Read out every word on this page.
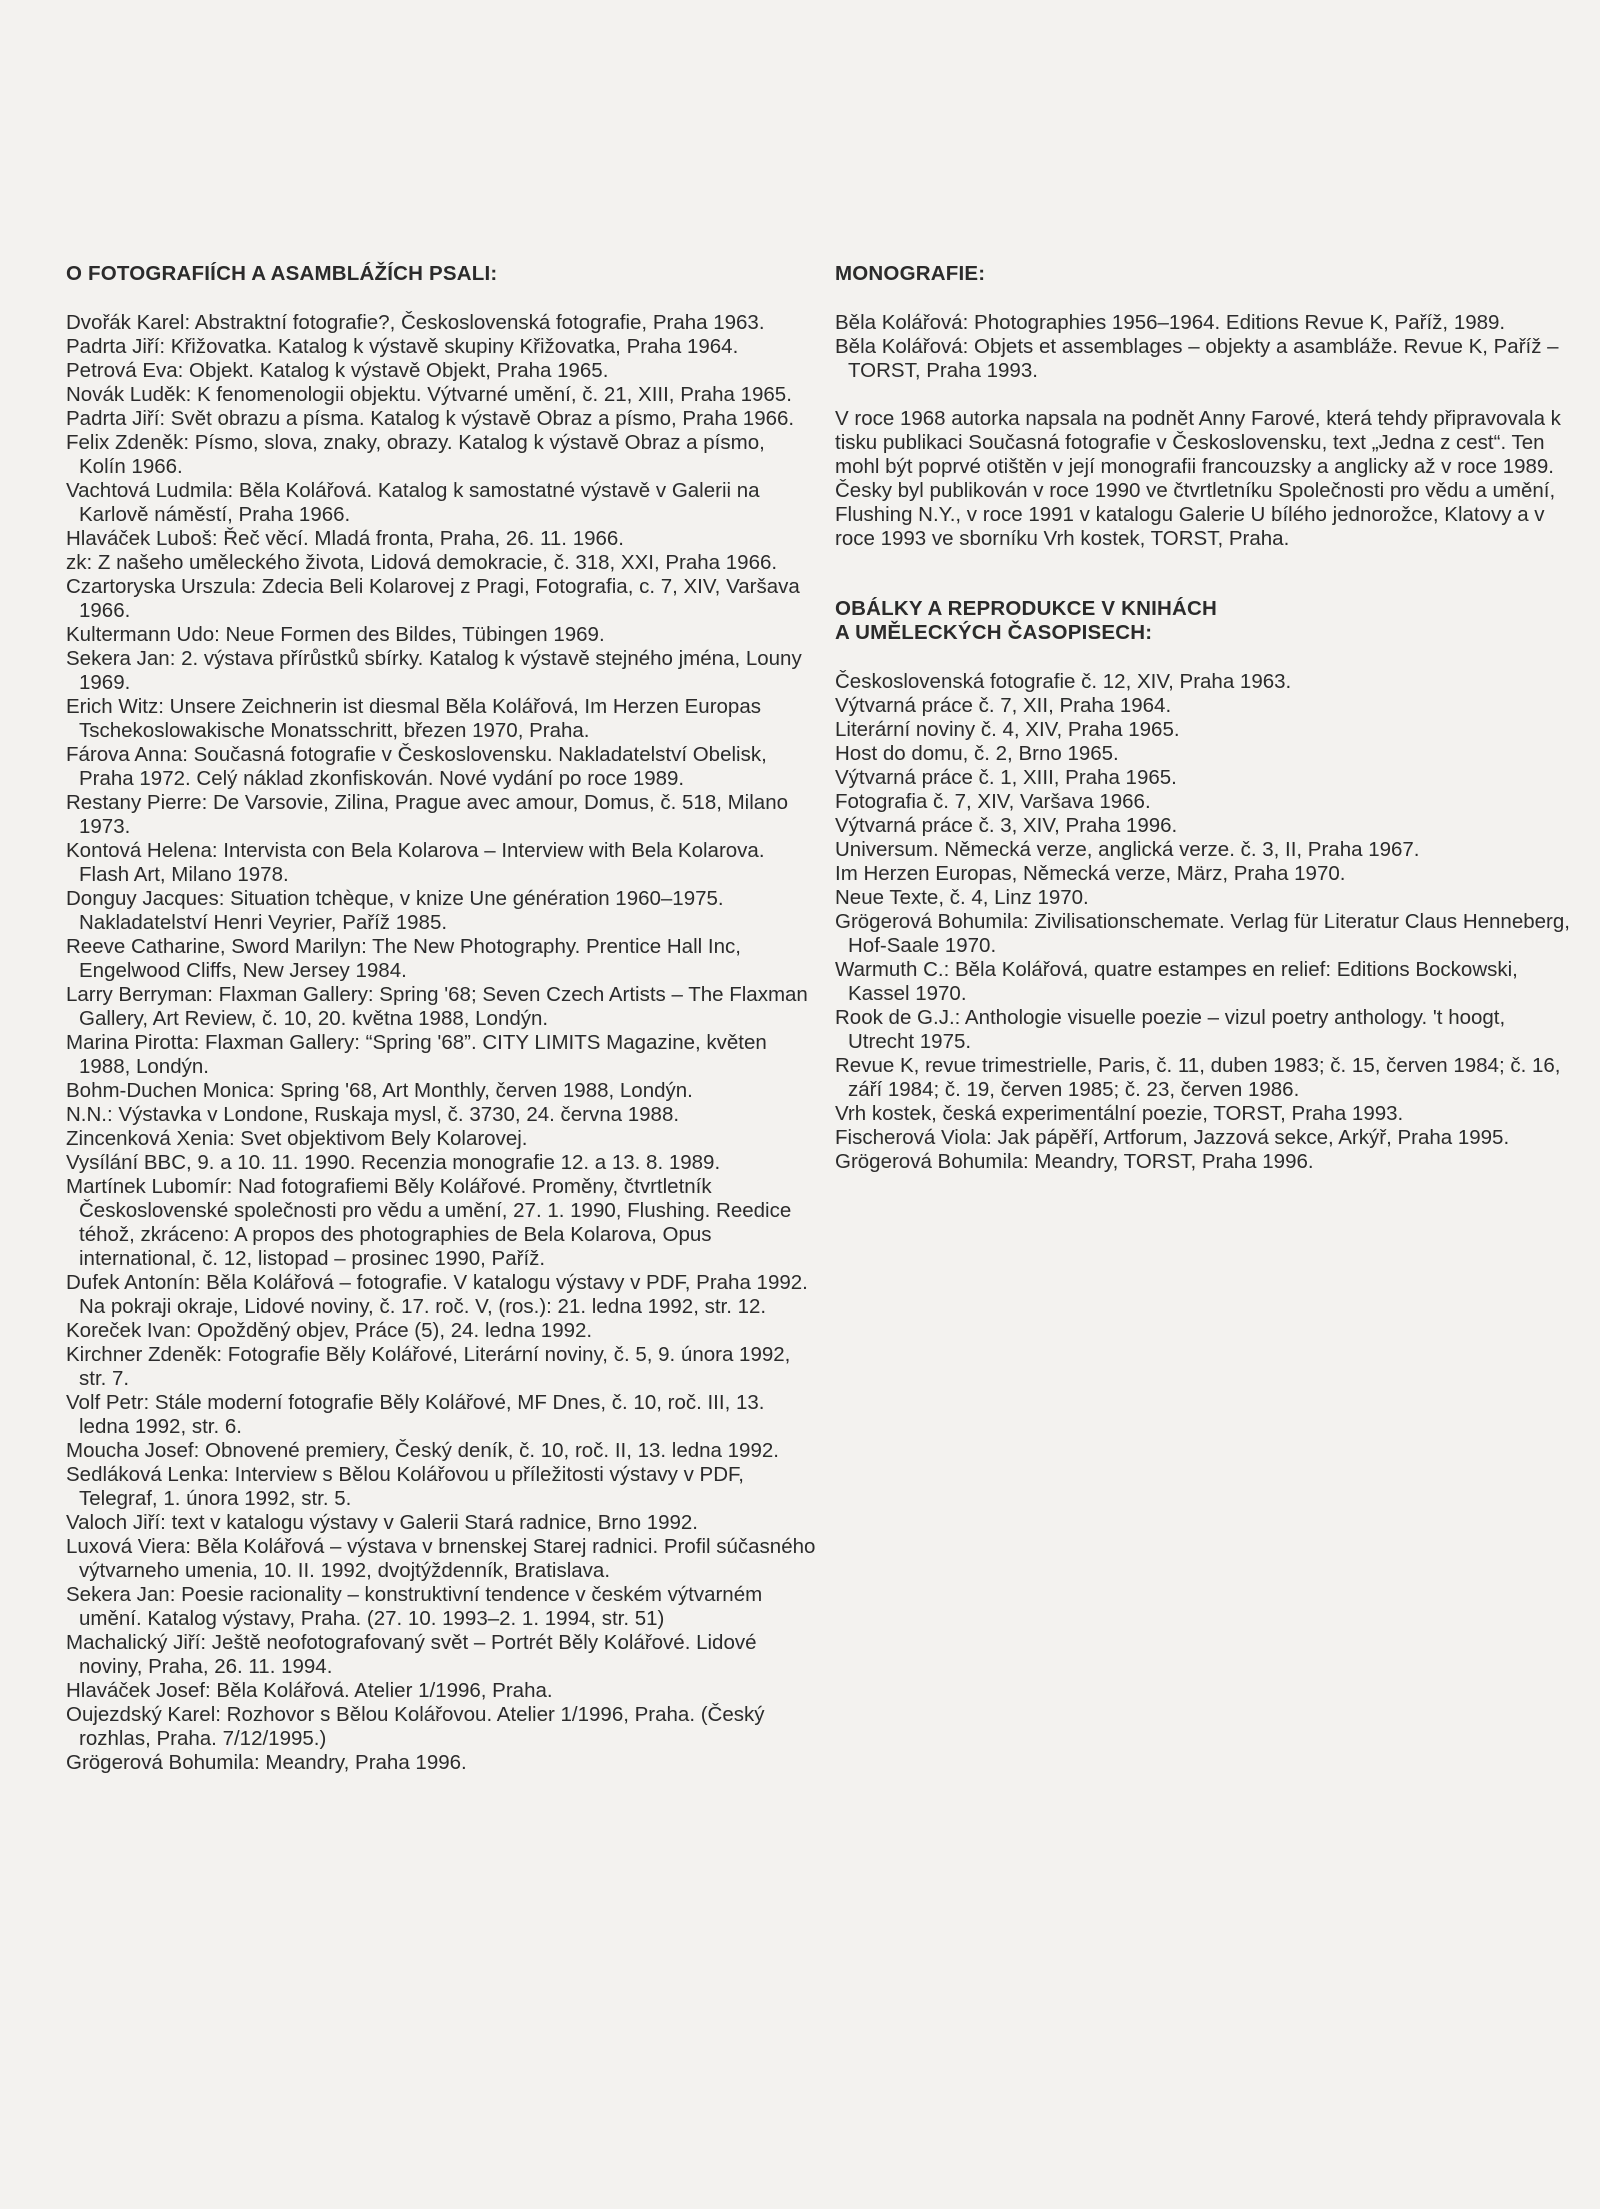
O FOTOGRAFIÍCH A ASAMBLÁŽÍCH PSALI:
Dvořák Karel: Abstraktní fotografie?, Československá fotografie, Praha 1963.
Padrta Jiří: Křižovatka. Katalog k výstavě skupiny Křižovatka, Praha 1964.
Petrová Eva: Objekt. Katalog k výstavě Objekt, Praha 1965.
Novák Luděk: K fenomenologii objektu. Výtvarné umění, č. 21, XIII, Praha 1965.
Padrta Jiří: Svět obrazu a písma. Katalog k výstavě Obraz a písmo, Praha 1966.
Felix Zdeněk: Písmo, slova, znaky, obrazy. Katalog k výstavě Obraz a písmo, Kolín 1966.
Vachtová Ludmila: Běla Kolářová. Katalog k samostatné výstavě v Galerii na Karlově náměstí, Praha 1966.
Hlaváček Luboš: Řeč věcí. Mladá fronta, Praha, 26. 11. 1966.
zk: Z našeho uměleckého života, Lidová demokracie, č. 318, XXI, Praha 1966.
Czartoryska Urszula: Zdecia Beli Kolarovej z Pragi, Fotografia, c. 7, XIV, Varšava 1966.
Kultermann Udo: Neue Formen des Bildes, Tübingen 1969.
Sekera Jan: 2. výstava přírůstků sbírky. Katalog k výstavě stejného jména, Louny 1969.
Erich Witz: Unsere Zeichnerin ist diesmal Běla Kolářová, Im Herzen Europas Tschekoslowakische Monatsschritt, březen 1970, Praha.
Fárova Anna: Současná fotografie v Československu. Nakladatelství Obelisk, Praha 1972. Celý náklad zkonfiskován. Nové vydání po roce 1989.
Restany Pierre: De Varsovie, Zilina, Prague avec amour, Domus, č. 518, Milano 1973.
Kontová Helena: Intervista con Bela Kolarova – Interview with Bela Kolarova. Flash Art, Milano 1978.
Donguy Jacques: Situation tchèque, v knize Une génération 1960–1975. Nakladatelství Henri Veyrier, Paříž 1985.
Reeve Catharine, Sword Marilyn: The New Photography. Prentice Hall Inc, Engelwood Cliffs, New Jersey 1984.
Larry Berryman: Flaxman Gallery: Spring '68; Seven Czech Artists – The Flaxman Gallery, Art Review, č. 10, 20. května 1988, Londýn.
Marina Pirotta: Flaxman Gallery: “Spring '68”. CITY LIMITS Magazine, květen 1988, Londýn.
Bohm-Duchen Monica: Spring '68, Art Monthly, červen 1988, Londýn.
N.N.: Výstavka v Londone, Ruskaja mysl, č. 3730, 24. června 1988.
Zincenková Xenia: Svet objektivom Bely Kolarovej.
Vysílání BBC, 9. a 10. 11. 1990. Recenzia monografie 12. a 13. 8. 1989.
Martínek Lubomír: Nad fotografiemi Běly Kolářové. Proměny, čtvrtletník Československé společnosti pro vědu a umění, 27. 1. 1990, Flushing. Reedice téhož, zkráceno: A propos des photographies de Bela Kolarova, Opus international, č. 12, listopad – prosinec 1990, Paříž.
Dufek Antonín: Běla Kolářová – fotografie. V katalogu výstavy v PDF, Praha 1992. Na pokraji okraje, Lidové noviny, č. 17. roč. V, (ros.): 21. ledna 1992, str. 12.
Koreček Ivan: Opožděný objev, Práce (5), 24. ledna 1992.
Kirchner Zdeněk: Fotografie Běly Kolářové, Literární noviny, č. 5, 9. února 1992, str. 7.
Volf Petr: Stále moderní fotografie Běly Kolářové, MF Dnes, č. 10, roč. III, 13. ledna 1992, str. 6.
Moucha Josef: Obnovené premiery, Český deník, č. 10, roč. II, 13. ledna 1992.
Sedláková Lenka: Interview s Bělou Kolářovou u příležitosti výstavy v PDF, Telegraf, 1. února 1992, str. 5.
Valoch Jiří: text v katalogu výstavy v Galerii Stará radnice, Brno 1992.
Luxová Viera: Běla Kolářová – výstava v brnenskej Starej radnici. Profil súčasného výtvarneho umenia, 10. II. 1992, dvojtýždenník, Bratislava.
Sekera Jan: Poesie racionality – konstruktivní tendence v českém výtvarném umění. Katalog výstavy, Praha. (27. 10. 1993–2. 1. 1994, str. 51)
Machalický Jiří: Ještě neofotografovaný svět – Portrét Běly Kolářové. Lidové noviny, Praha, 26. 11. 1994.
Hlaváček Josef: Běla Kolářová. Atelier 1/1996, Praha.
Oujezdský Karel: Rozhovor s Bělou Kolářovou. Atelier 1/1996, Praha. (Český rozhlas, Praha. 7/12/1995.)
Grögerová Bohumila: Meandry, Praha 1996.
MONOGRAFIE:
Běla Kolářová: Photographies 1956–1964. Editions Revue K, Paříž, 1989.
Běla Kolářová: Objets et assemblages – objekty a asambláže. Revue K, Paříž – TORST, Praha 1993.

V roce 1968 autorka napsala na podnět Anny Farové, která tehdy připravovala k tisku publikaci Současná fotografie v Československu, text „Jedna z cest“. Ten mohl být poprvé otištěn v její monografii francouzsky a anglicky až v roce 1989. Česky byl publikován v roce 1990 ve čtvrtletníku Společnosti pro vědu a umění, Flushing N.Y., v roce 1991 v katalogu Galerie U bílého jednorožce, Klatovy a v roce 1993 ve sborníku Vrh kostek, TORST, Praha.

OBÁLKY A REPRODUKCE V KNIHÁCH
A UMĚLECKÝCH ČASOPISECH:
Československá fotografie č. 12, XIV, Praha 1963.
Výtvarná práce č. 7, XII, Praha 1964.
Literární noviny č. 4, XIV, Praha 1965.
Host do domu, č. 2, Brno 1965.
Výtvarná práce č. 1, XIII, Praha 1965.
Fotografia č. 7, XIV, Varšava 1966.
Výtvarná práce č. 3, XIV, Praha 1996.
Universum. Německá verze, anglická verze. č. 3, II, Praha 1967.
Im Herzen Europas, Německá verze, März, Praha 1970.
Neue Texte, č. 4, Linz 1970.
Grögerová Bohumila: Zivilisationschemate. Verlag für Literatur Claus Henneberg, Hof-Saale 1970.
Warmuth C.: Běla Kolářová, quatre estampes en relief: Editions Bockowski, Kassel 1970.
Rook de G.J.: Anthologie visuelle poezie – vizul poetry anthology. 't hoogt, Utrecht 1975.
Revue K, revue trimestrielle, Paris, č. 11, duben 1983; č. 15, červen 1984; č. 16, září 1984; č. 19, červen 1985; č. 23, červen 1986.
Vrh kostek, česká experimentální poezie, TORST, Praha 1993.
Fischerová Viola: Jak pápěří, Artforum, Jazzová sekce, Arkýř, Praha 1995.
Grögerová Bohumila: Meandry, TORST, Praha 1996.
